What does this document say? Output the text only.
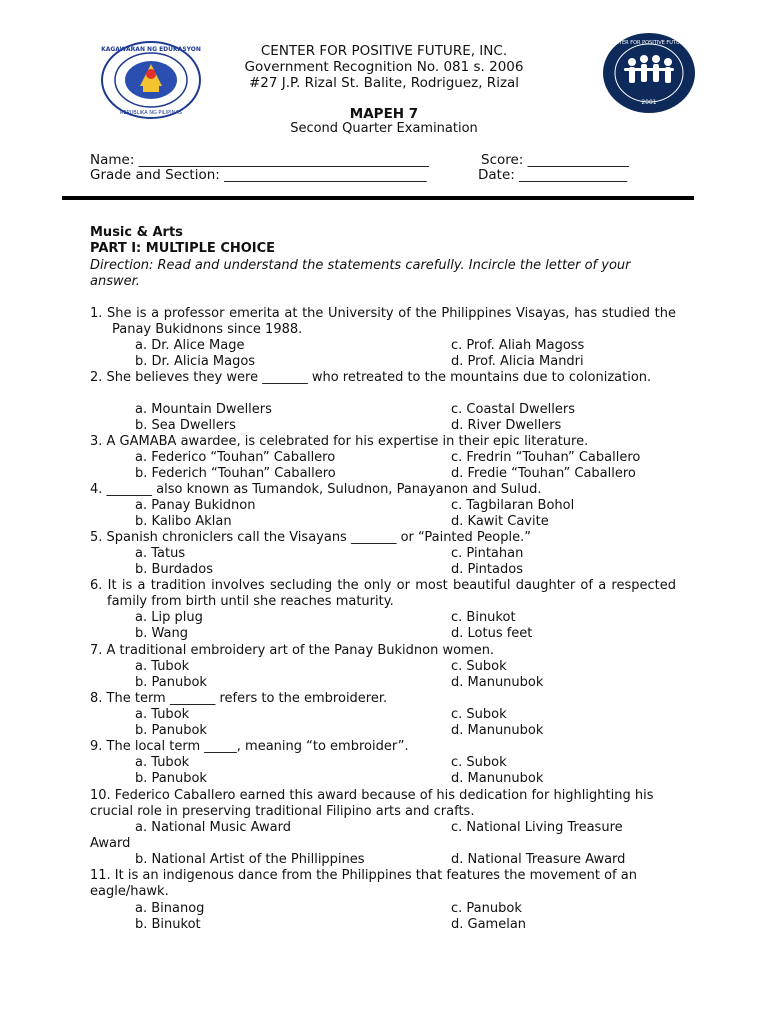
KAGAWARAN NG EDUKASYON
REPUBLIKA NG PILIPINAS
CENTER FOR POSITIVE FUTURES
2001
CENTER FOR POSITIVE FUTURE, INC.
Government Recognition No. 081 s. 2006
#27 J.P. Rizal St. Balite, Rodriguez, Rizal
MAPEH 7
Second Quarter Examination
Name: ___________________________________________	Score: _______________
Grade and Section: ______________________________	Date: ________________
Music & Arts
PART I: MULTIPLE CHOICE
Direction: Read and understand the statements carefully. Incircle the letter of your
answer.
1. She is a professor emerita at the University of the Philippines Visayas, has studied the Panay Bukidnons since 1988.
a. Dr. Alice Mage	c. Prof. Aliah Magoss
b. Dr. Alicia Magos	d. Prof. Alicia Mandri
2. She believes they were _______ who retreated to the mountains due to colonization.
a. Mountain Dwellers	c. Coastal Dwellers
b. Sea Dwellers	d. River Dwellers
3. A GAMABA awardee, is celebrated for his expertise in their epic literature.
a. Federico “Touhan” Caballero	c. Fredrin “Touhan” Caballero
b. Federich “Touhan” Caballero	d. Fredie “Touhan” Caballero
4. _______ also known as Tumandok, Suludnon, Panayanon and Sulud.
a. Panay Bukidnon	c. Tagbilaran Bohol
b. Kalibo Aklan	d. Kawit Cavite
5. Spanish chroniclers call the Visayans _______ or “Painted People.”
a. Tatus	c. Pintahan
b. Burdados	d. Pintados
6. It is a tradition involves secluding the only or most beautiful daughter of a respected family from birth until she reaches maturity.
a. Lip plug	c. Binukot
b. Wang	d. Lotus feet
7. A traditional embroidery art of the Panay Bukidnon women.
a. Tubok	c. Subok
b. Panubok	d. Manunubok
8. The term _______ refers to the embroiderer.
a. Tubok	c. Subok
b. Panubok	d. Manunubok
9. The local term _____, meaning “to embroider”.
a. Tubok	c. Subok
b. Panubok	d. Manunubok
10. Federico Caballero earned this award because of his dedication for highlighting his crucial role in preserving traditional Filipino arts and crafts.
a. National Music Award	c. National Living Treasure
Award
b. National Artist of the Phillippines	d. National Treasure Award
11. It is an indigenous dance from the Philippines that features the movement of an eagle/hawk.
a. Binanog	c. Panubok
b. Binukot	d. Gamelan
